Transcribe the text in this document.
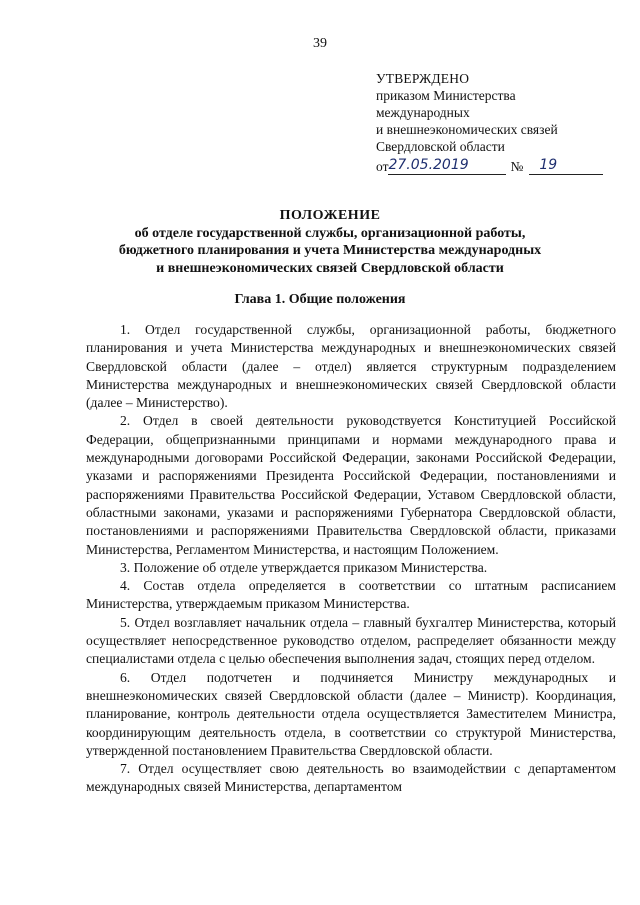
39
УТВЕРЖДЕНО
приказом Министерства
международных
и внешнеэкономических связей
Свердловской области
от 27.05.2019	№	19
ПОЛОЖЕНИЕ
об отделе государственной службы, организационной работы,
бюджетного планирования и учета Министерства международных
и внешнеэкономических связей Свердловской области
Глава 1. Общие положения

1. Отдел государственной службы, организационной работы, бюджетного планирования и учета Министерства международных и внешнеэкономических связей Свердловской области (далее – отдел) является структурным подразделением Министерства международных и внешнеэкономических связей Свердловской области (далее – Министерство).

2. Отдел в своей деятельности руководствуется Конституцией Российской Федерации, общепризнанными принципами и нормами международного права и международными договорами Российской Федерации, законами Российской Федерации, указами и распоряжениями Президента Российской Федерации, постановлениями и распоряжениями Правительства Российской Федерации, Уставом Свердловской области, областными законами, указами и распоряжениями Губернатора Свердловской области, постановлениями и распоряжениями Правительства Свердловской области, приказами Министерства, Регламентом Министерства, и настоящим Положением.

3. Положение об отделе утверждается приказом Министерства.

4. Состав отдела определяется в соответствии со штатным расписанием Министерства, утверждаемым приказом Министерства.

5. Отдел возглавляет начальник отдела – главный бухгалтер Министерства, который осуществляет непосредственное руководство отделом, распределяет обязанности между специалистами отдела с целью обеспечения выполнения задач, стоящих перед отделом.

6. Отдел подотчетен и подчиняется Министру международных и внешнеэкономических связей Свердловской области (далее – Министр). Координация, планирование, контроль деятельности отдела осуществляется Заместителем Министра, координирующим деятельность отдела, в соответствии со структурой Министерства, утвержденной постановлением Правительства Свердловской области.

7. Отдел осуществляет свою деятельность во взаимодействии с департаментом международных связей Министерства, департаментом
